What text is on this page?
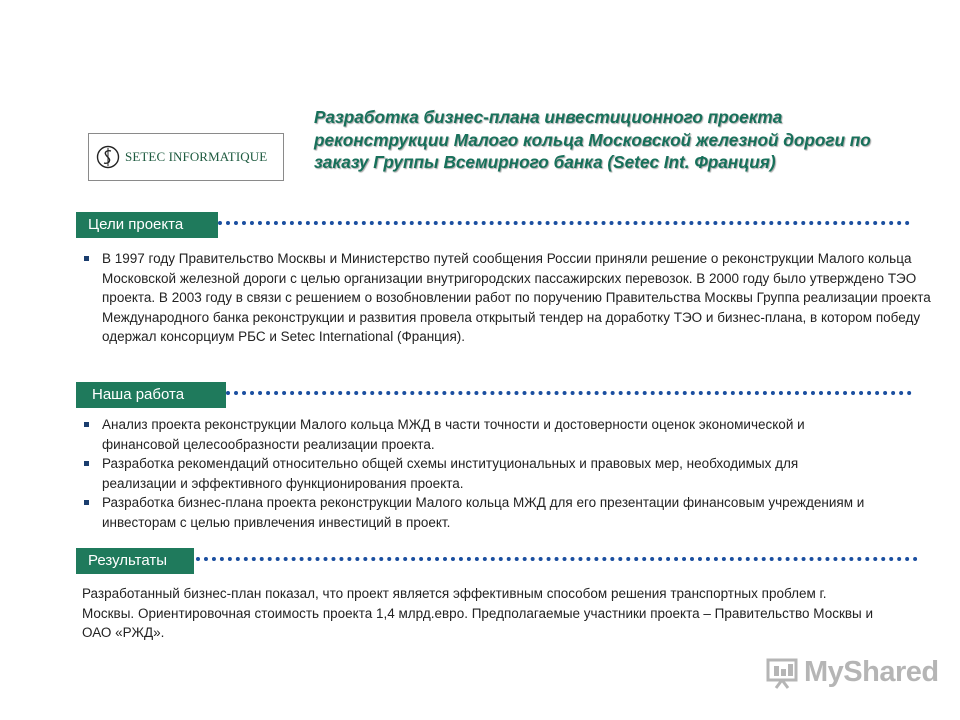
SETEC INFORMATIQUE
Разработка бизнес-плана инвестиционного проекта реконструкции Малого кольца Московской железной дороги по заказу Группы Всемирного банка (Setec Int. Франция)
Цели проекта
В 1997 году Правительство Москвы и Министерство путей сообщения России приняли решение о реконструкции Малого кольца Московской железной дороги с целью организации внутригородских пассажирских перевозок. В 2000 году было утверждено ТЭО проекта. В 2003 году в связи с решением о возобновлении работ по поручению Правительства Москвы Группа реализации проекта Международного банка реконструкции и развития провела открытый тендер на доработку ТЭО и бизнес-плана, в котором победу одержал консорциум РБС и Setec International (Франция).
Наша работа
Анализ проекта реконструкции Малого кольца МЖД в части точности и достоверности оценок экономической и финансовой целесообразности реализации проекта.
Разработка рекомендаций относительно общей схемы институциональных и правовых мер, необходимых для реализации и эффективного функционирования проекта.
Разработка бизнес-плана проекта реконструкции Малого кольца МЖД для его презентации финансовым учреждениям и инвесторам с целью привлечения инвестиций в проект.
Результаты

Разработанный бизнес-план показал, что проект является эффективным способом решения транспортных проблем г. Москвы. Ориентировочная стоимость проекта 1,4 млрд.евро. Предполагаемые участники проекта – Правительство Москвы и ОАО «РЖД».

MyShared
